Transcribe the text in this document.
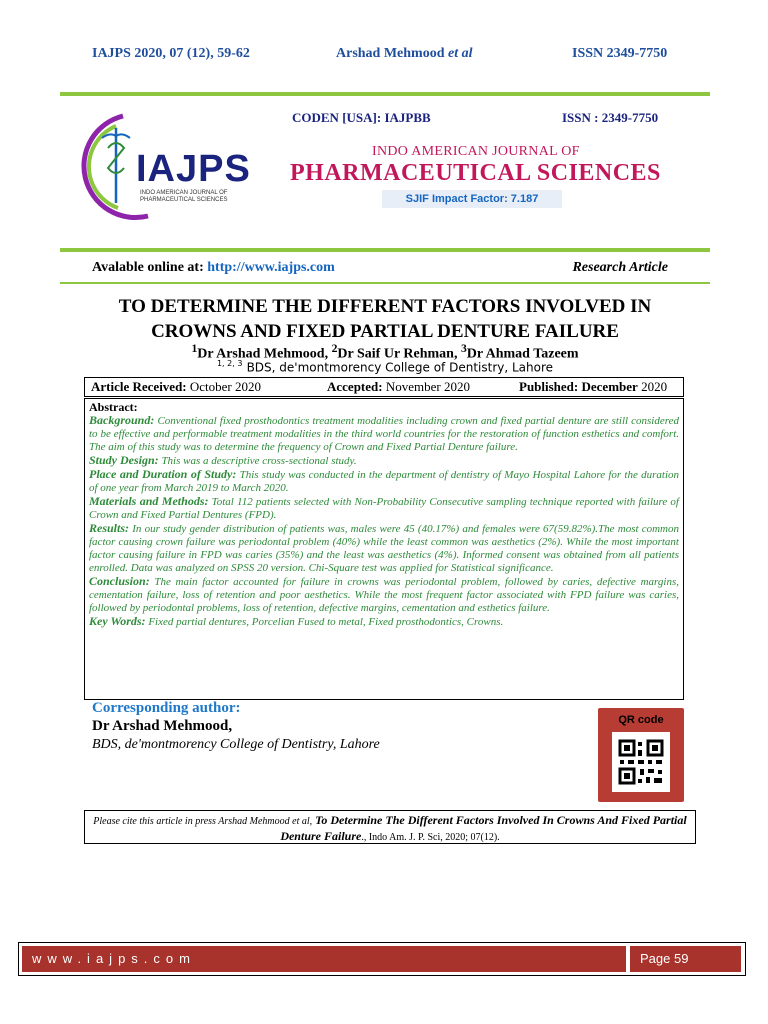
IAJPS 2020, 07 (12), 59-62	Arshad Mehmood et al	ISSN 2349-7750
IAJPS
INDO AMERICAN JOURNAL OF PHARMACEUTICAL SCIENCES
CODEN [USA]: IAJPBB	ISSN : 2349-7750
INDO AMERICAN JOURNAL OF
PHARMACEUTICAL SCIENCES
SJIF Impact Factor: 7.187
Avalable online at: http://www.iajps.com	Research Article
TO DETERMINE THE DIFFERENT FACTORS INVOLVED IN CROWNS AND FIXED PARTIAL DENTURE FAILURE
$^1$Dr Arshad Mehmood, $^2$Dr Saif Ur Rehman, $^3$Dr Ahmad Tazeem
$^{1, 2, 3}$ BDS, de'montmorency College of Dentistry, Lahore
Article Received: October 2020	Accepted: November 2020	Published: December 2020

Abstract:

Background: Conventional fixed prosthodontics treatment modalities including crown and fixed partial denture are still considered to be effective and performable treatment modalities in the third world countries for the restoration of function esthetics and comfort. The aim of this study was to determine the frequency of Crown and Fixed Partial Denture failure.

Study Design: This was a descriptive cross-sectional study.

Place and Duration of Study: This study was conducted in the department of dentistry of Mayo Hospital Lahore for the duration of one year from March 2019 to March 2020.

Materials and Methods: Total 112 patients selected with Non-Probability Consecutive sampling technique reported with failure of Crown and Fixed Partial Dentures (FPD).

Results: In our study gender distribution of patients was, males were 45 (40.17%) and females were 67(59.82%).The most common factor causing crown failure was periodontal problem (40%) while the least common was aesthetics (2%). While the most important factor causing failure in FPD was caries (35%) and the least was aesthetics (4%). Informed consent was obtained from all patients enrolled. Data was analyzed on SPSS 20 version. Chi-Square test was applied for Statistical significance.

Conclusion: The main factor accounted for failure in crowns was periodontal problem, followed by caries, defective margins, cementation failure, loss of retention and poor aesthetics. While the most frequent factor associated with FPD failure was caries, followed by periodontal problems, loss of retention, defective margins, cementation and esthetics failure.

Key Words: Fixed partial dentures, Porcelian Fused to metal, Fixed prosthodontics, Crowns.

Corresponding author:
Dr Arshad Mehmood,
BDS, de'montmorency College of Dentistry, Lahore
QR code
Please cite this article in press Arshad Mehmood et al, To Determine The Different Factors Involved In Crowns And Fixed Partial Denture Failure., Indo Am. J. P. Sci, 2020; 07(12).
www.iajps.com	Page 59
